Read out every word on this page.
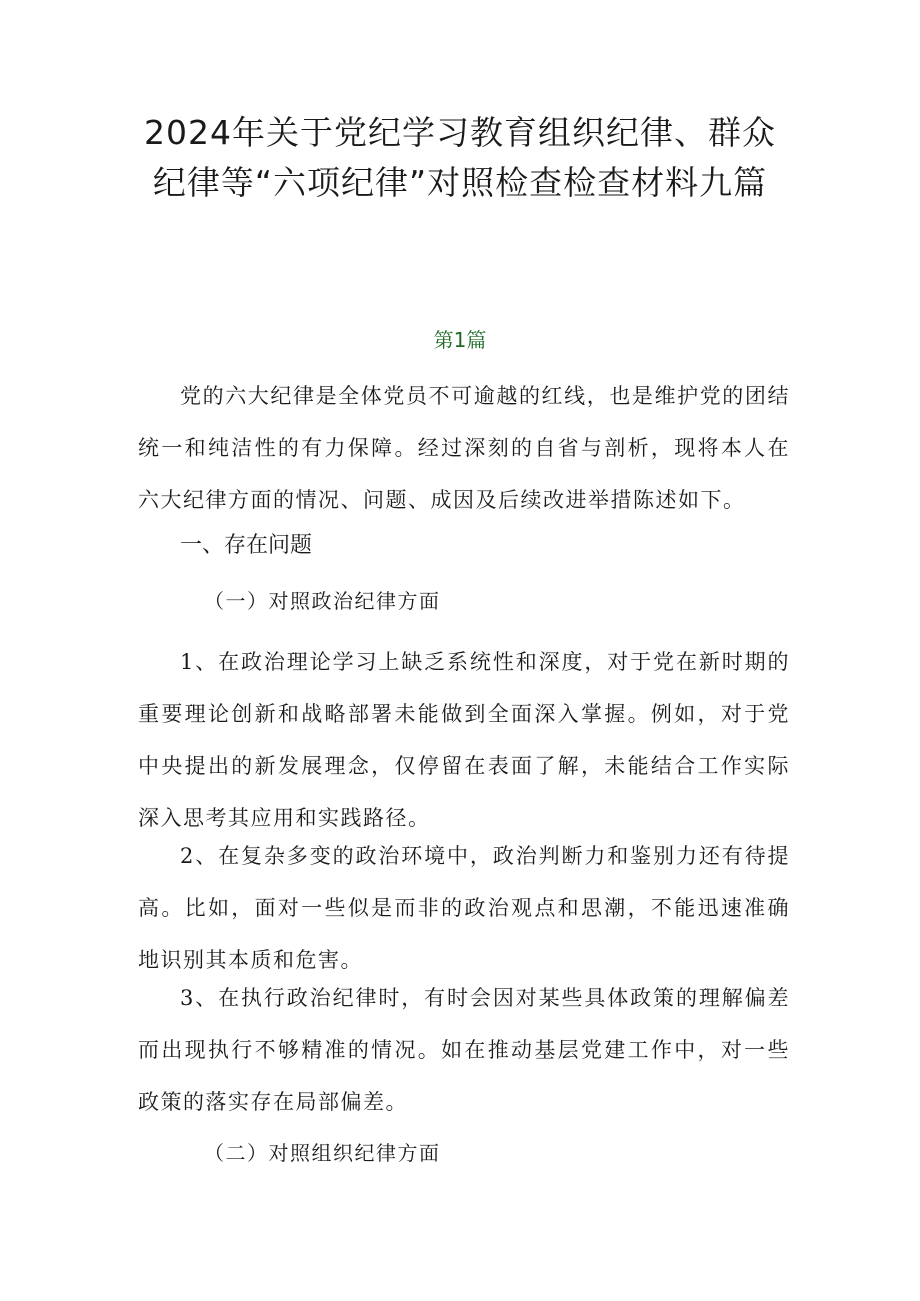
2024年关于党纪学习教育组织纪律、群众纪律等“六项纪律”对照检查检查材料九篇
第1篇

党的六大纪律是全体党员不可逾越的红线，也是维护党的团结统一和纯洁性的有力保障。经过深刻的自省与剖析，现将本人在六大纪律方面的情况、问题、成因及后续改进举措陈述如下。

一、存在问题
（一）对照政治纪律方面

1、在政治理论学习上缺乏系统性和深度，对于党在新时期的重要理论创新和战略部署未能做到全面深入掌握。例如，对于党中央提出的新发展理念，仅停留在表面了解，未能结合工作实际深入思考其应用和实践路径。

2、在复杂多变的政治环境中，政治判断力和鉴别力还有待提高。比如，面对一些似是而非的政治观点和思潮，不能迅速准确地识别其本质和危害。

3、在执行政治纪律时，有时会因对某些具体政策的理解偏差而出现执行不够精准的情况。如在推动基层党建工作中，对一些政策的落实存在局部偏差。

（二）对照组织纪律方面
